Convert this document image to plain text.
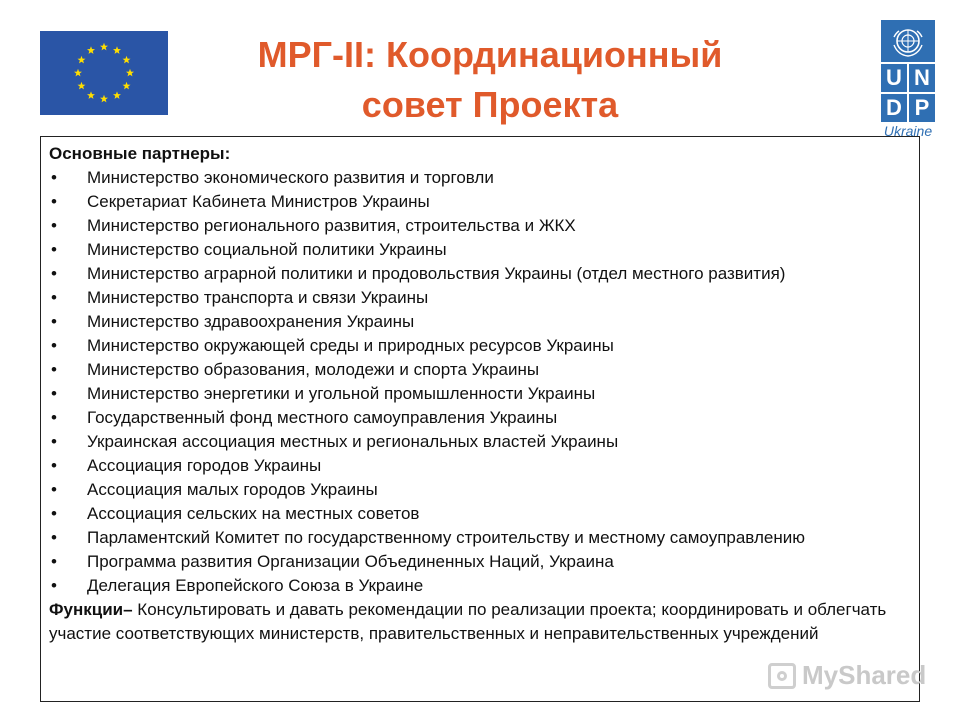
МРГ-II: Координационный
совет Проекта
U N
D P
Ukraine
Основные партнеры:
• Министерство экономического развития и торговли
• Секретариат Кабинета Министров Украины
• Министерство регионального развития, строительства и ЖКХ
• Министерство социальной политики Украины
• Министерство аграрной политики и продовольствия Украины (отдел местного развития)
• Министерство транспорта и связи Украины
• Министерство здравоохранения Украины
• Министерство окружающей среды и природных ресурсов Украины
• Министерство образования, молодежи и спорта Украины
• Министерство энергетики и угольной промышленности Украины
• Государственный фонд местного самоуправления Украины
• Украинская ассоциация местных и региональных властей Украины
• Ассоциация городов Украины
• Ассоциация малых городов Украины
• Ассоциация сельских на местных советов
• Парламентский Комитет по государственному строительству и местному самоуправлению
• Программа развития Организации Объединенных Наций, Украина
• Делегация Европейского Союза в Украине
Функции– Консультировать и давать рекомендации по реализации проекта; координировать и облегчать участие соответствующих министерств, правительственных и неправительственных учреждений
MyShared
